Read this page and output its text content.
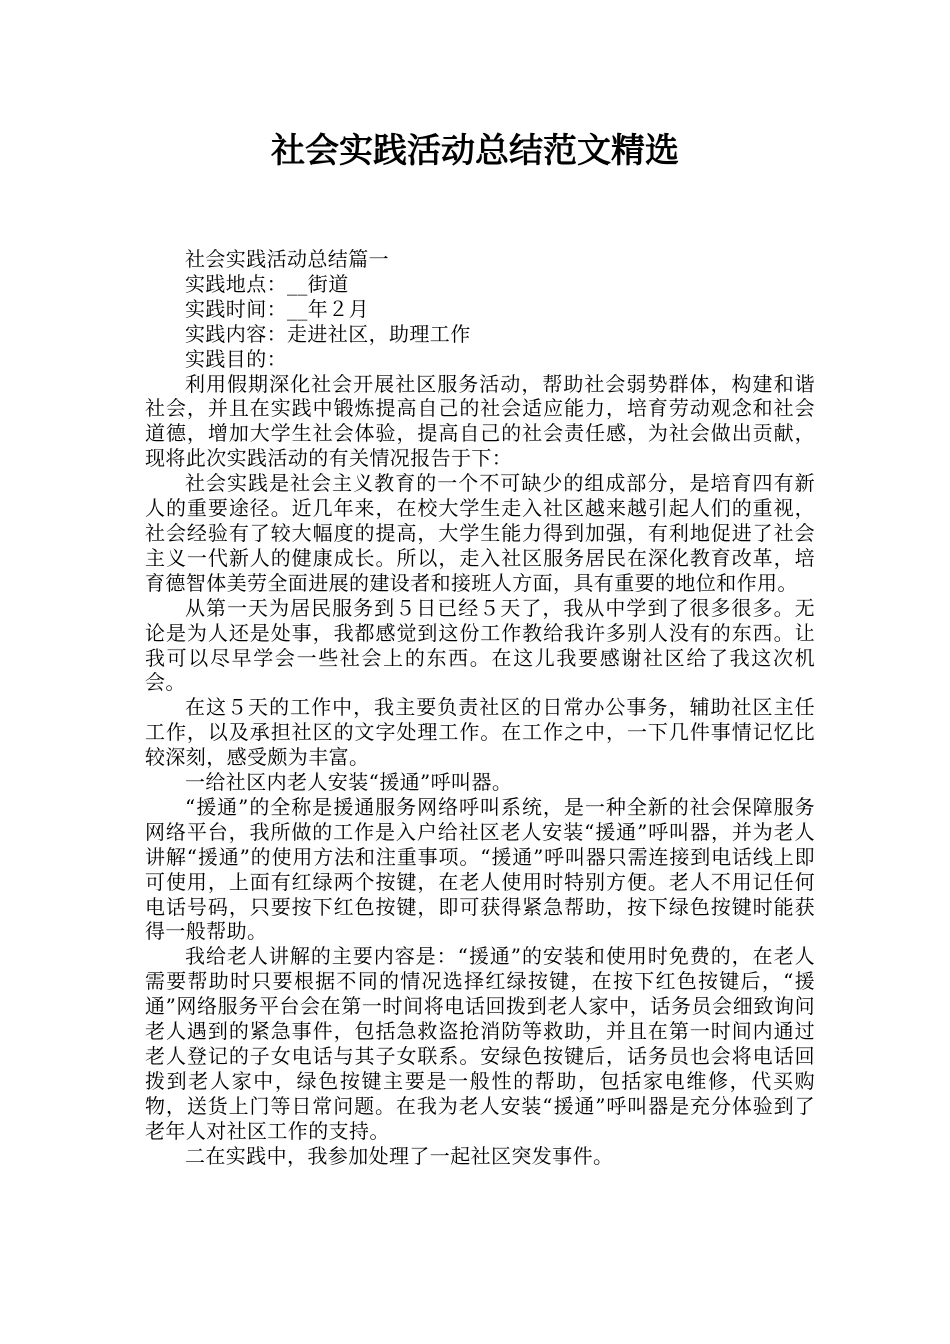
社会实践活动总结范文精选

社会实践活动总结篇一

实践地点：__街道

实践时间：__年２月

实践内容：走进社区，助理工作

实践目的：

利用假期深化社会开展社区服务活动，帮助社会弱势群体，构建和谐社会，并且在实践中锻炼提高自己的社会适应能力，培育劳动观念和社会道德，增加大学生社会体验，提高自己的社会责任感，为社会做出贡献，现将此次实践活动的有关情况报告于下：

社会实践是社会主义教育的一个不可缺少的组成部分，是培育四有新人的重要途径。近几年来，在校大学生走入社区越来越引起人们的重视，社会经验有了较大幅度的提高，大学生能力得到加强，有利地促进了社会主义一代新人的健康成长。所以，走入社区服务居民在深化教育改革，培育德智体美劳全面进展的建设者和接班人方面，具有重要的地位和作用。

从第一天为居民服务到５日已经５天了，我从中学到了很多很多。无论是为人还是处事，我都感觉到这份工作教给我许多别人没有的东西。让我可以尽早学会一些社会上的东西。在这儿我要感谢社区给了我这次机会。

在这５天的工作中，我主要负责社区的日常办公事务，辅助社区主任工作，以及承担社区的文字处理工作。在工作之中，一下几件事情记忆比较深刻，感受颇为丰富。

一给社区内老人安装“援通”呼叫器。

“援通”的全称是援通服务网络呼叫系统，是一种全新的社会保障服务网络平台，我所做的工作是入户给社区老人安装“援通”呼叫器，并为老人讲解“援通”的使用方法和注重事项。“援通”呼叫器只需连接到电话线上即可使用，上面有红绿两个按键，在老人使用时特别方便。老人不用记任何电话号码，只要按下红色按键，即可获得紧急帮助，按下绿色按键时能获得一般帮助。

我给老人讲解的主要内容是：“援通”的安装和使用时免费的，在老人需要帮助时只要根据不同的情况选择红绿按键，在按下红色按键后，“援通”网络服务平台会在第一时间将电话回拨到老人家中，话务员会细致询问老人遇到的紧急事件，包括急救盗抢消防等救助，并且在第一时间内通过老人登记的子女电话与其子女联系。安绿色按键后，话务员也会将电话回拨到老人家中，绿色按键主要是一般性的帮助，包括家电维修，代买购物，送货上门等日常问题。在我为老人安装“援通”呼叫器是充分体验到了老年人对社区工作的支持。

二在实践中，我参加处理了一起社区突发事件。
